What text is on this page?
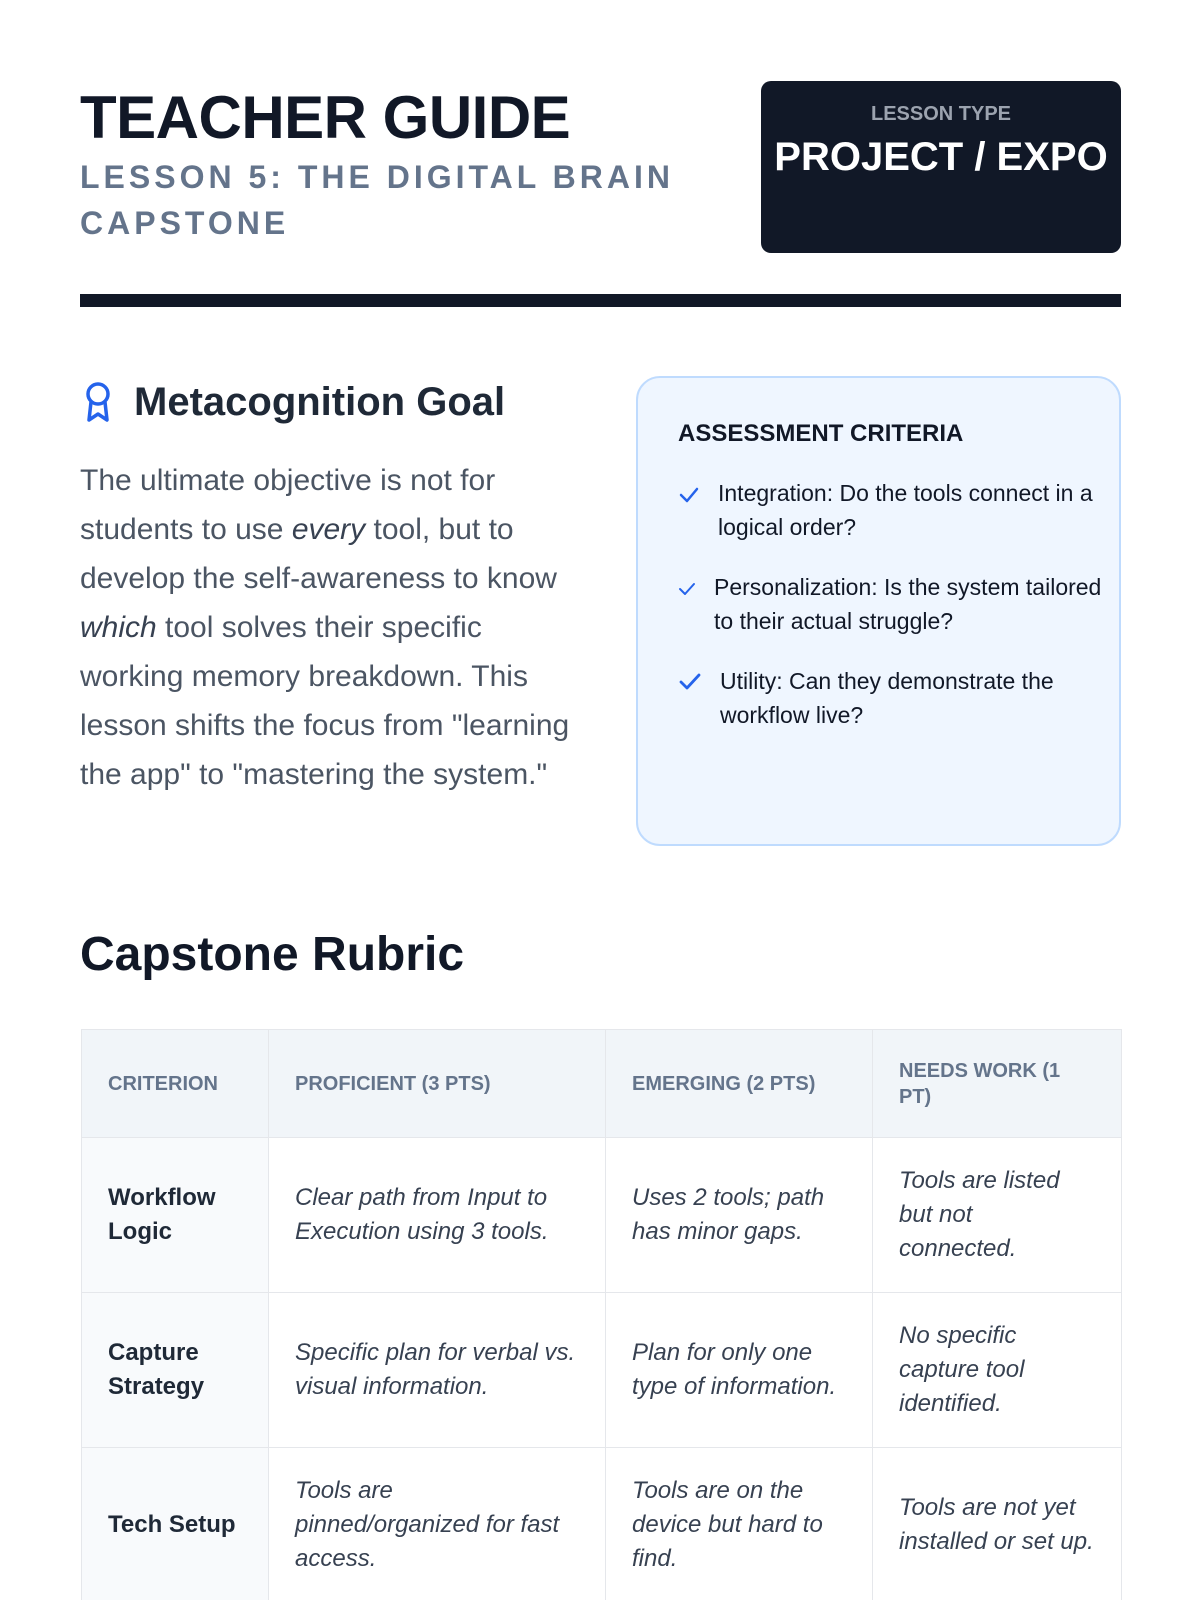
TEACHER GUIDE
LESSON 5: THE DIGITAL BRAIN CAPSTONE
LESSON TYPE
PROJECT / EXPO
Metacognition Goal

The ultimate objective is not for students to use every tool, but to develop the self-awareness to know which tool solves their specific working memory breakdown. This lesson shifts the focus from "learning the app" to "mastering the system."

ASSESSMENT CRITERIA
Integration: Do the tools connect in a logical order?
Personalization: Is the system tailored to their actual struggle?
Utility: Can they demonstrate the workflow live?
Capstone Rubric
CRITERION	PROFICIENT (3 PTS)	EMERGING (2 PTS)	NEEDS WORK (1 PT)
Workflow Logic	Clear path from Input to Execution using 3 tools.	Uses 2 tools; path has minor gaps.	Tools are listed but not connected.
Capture Strategy	Specific plan for verbal vs. visual information.	Plan for only one type of information.	No specific capture tool identified.
Tech Setup	Tools are pinned/organized for fast access.	Tools are on the device but hard to find.	Tools are not yet installed or set up.
